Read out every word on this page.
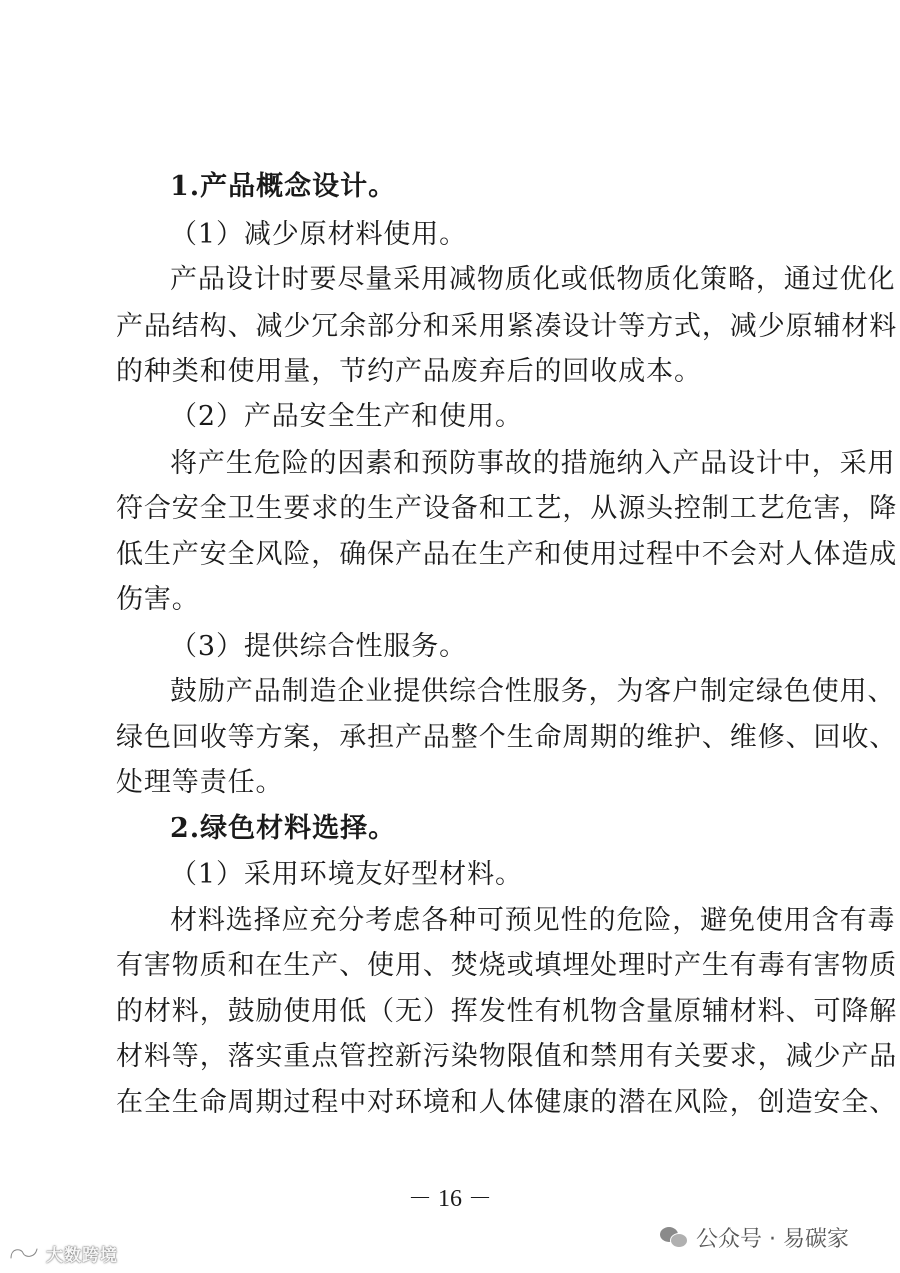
1.产品概念设计。
（1）减少原材料使用。
产品设计时要尽量采用减物质化或低物质化策略，通过优化
产品结构、减少冗余部分和采用紧凑设计等方式，减少原辅材料
的种类和使用量，节约产品废弃后的回收成本。
（2）产品安全生产和使用。
将产生危险的因素和预防事故的措施纳入产品设计中，采用
符合安全卫生要求的生产设备和工艺，从源头控制工艺危害，降
低生产安全风险，确保产品在生产和使用过程中不会对人体造成
伤害。
（3）提供综合性服务。
鼓励产品制造企业提供综合性服务，为客户制定绿色使用、
绿色回收等方案，承担产品整个生命周期的维护、维修、回收、
处理等责任。
2.绿色材料选择。
（1）采用环境友好型材料。
材料选择应充分考虑各种可预见性的危险，避免使用含有毒
有害物质和在生产、使用、焚烧或填埋处理时产生有毒有害物质
的材料，鼓励使用低（无）挥发性有机物含量原辅材料、可降解
材料等，落实重点管控新污染物限值和禁用有关要求，减少产品
在全生命周期过程中对环境和人体健康的潜在风险，创造安全、
－ 16 －
公众号 · 易碳家
大数跨境
